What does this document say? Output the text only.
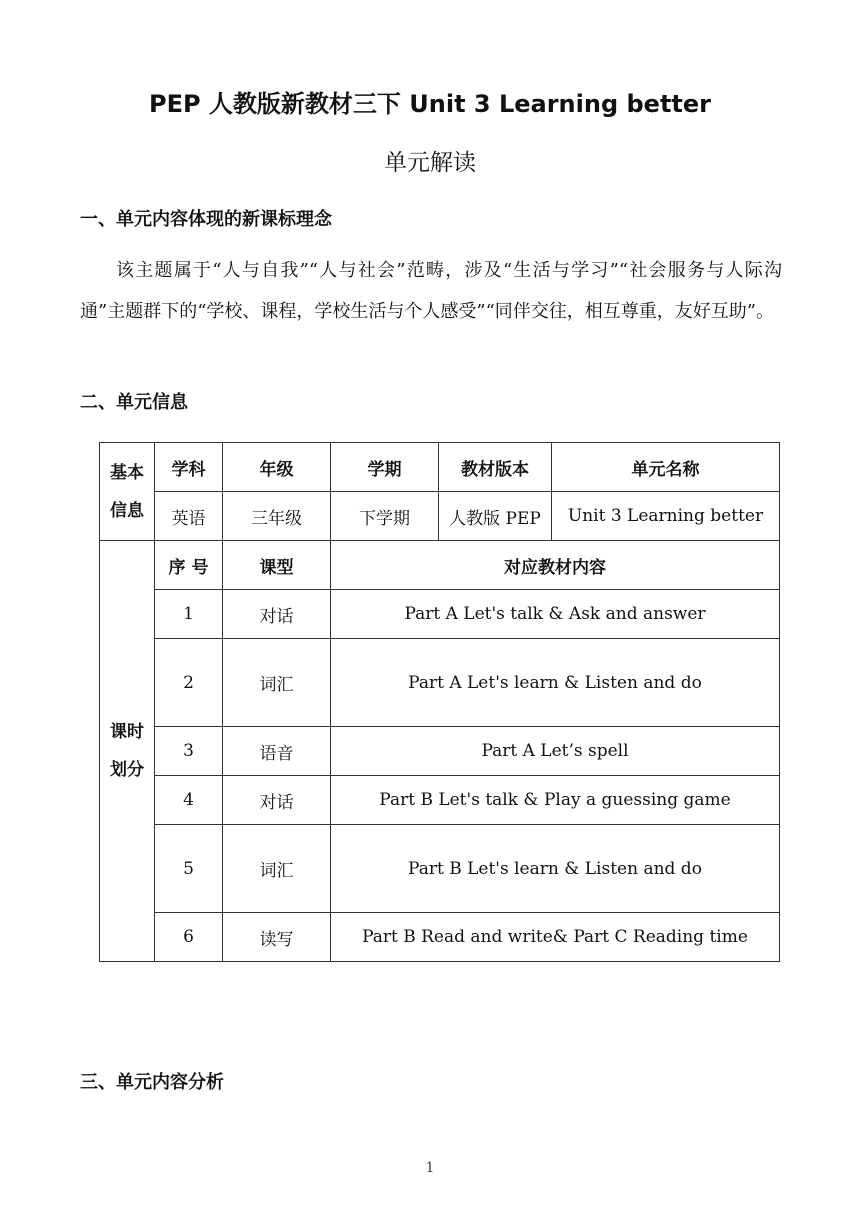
PEP 人教版新教材三下 Unit 3 Learning better
单元解读
一、单元内容体现的新课标理念
该主题属于“人与自我”“人与社会”范畴，涉及“生活与学习”“社会服务与人际沟通”主题群下的“学校、课程，学校生活与个人感受”“同伴交往，相互尊重，友好互助”。
二、单元信息
基本信息	学科	年级	学期	教材版本	单元名称
	英语	三年级	下学期	人教版 PEP	Unit 3 Learning better
课时划分	序 号	课型	对应教材内容		
	1	对话	Part A Let's talk & Ask and answer		
	2	词汇	Part A Let's learn & Listen and do		
	3	语音	Part A Let’s spell		
	4	对话	Part B Let's talk & Play a guessing game		
	5	词汇	Part B Let's learn & Listen and do		
	6	读写	Part B Read and write& Part C Reading time		
三、单元内容分析
1
